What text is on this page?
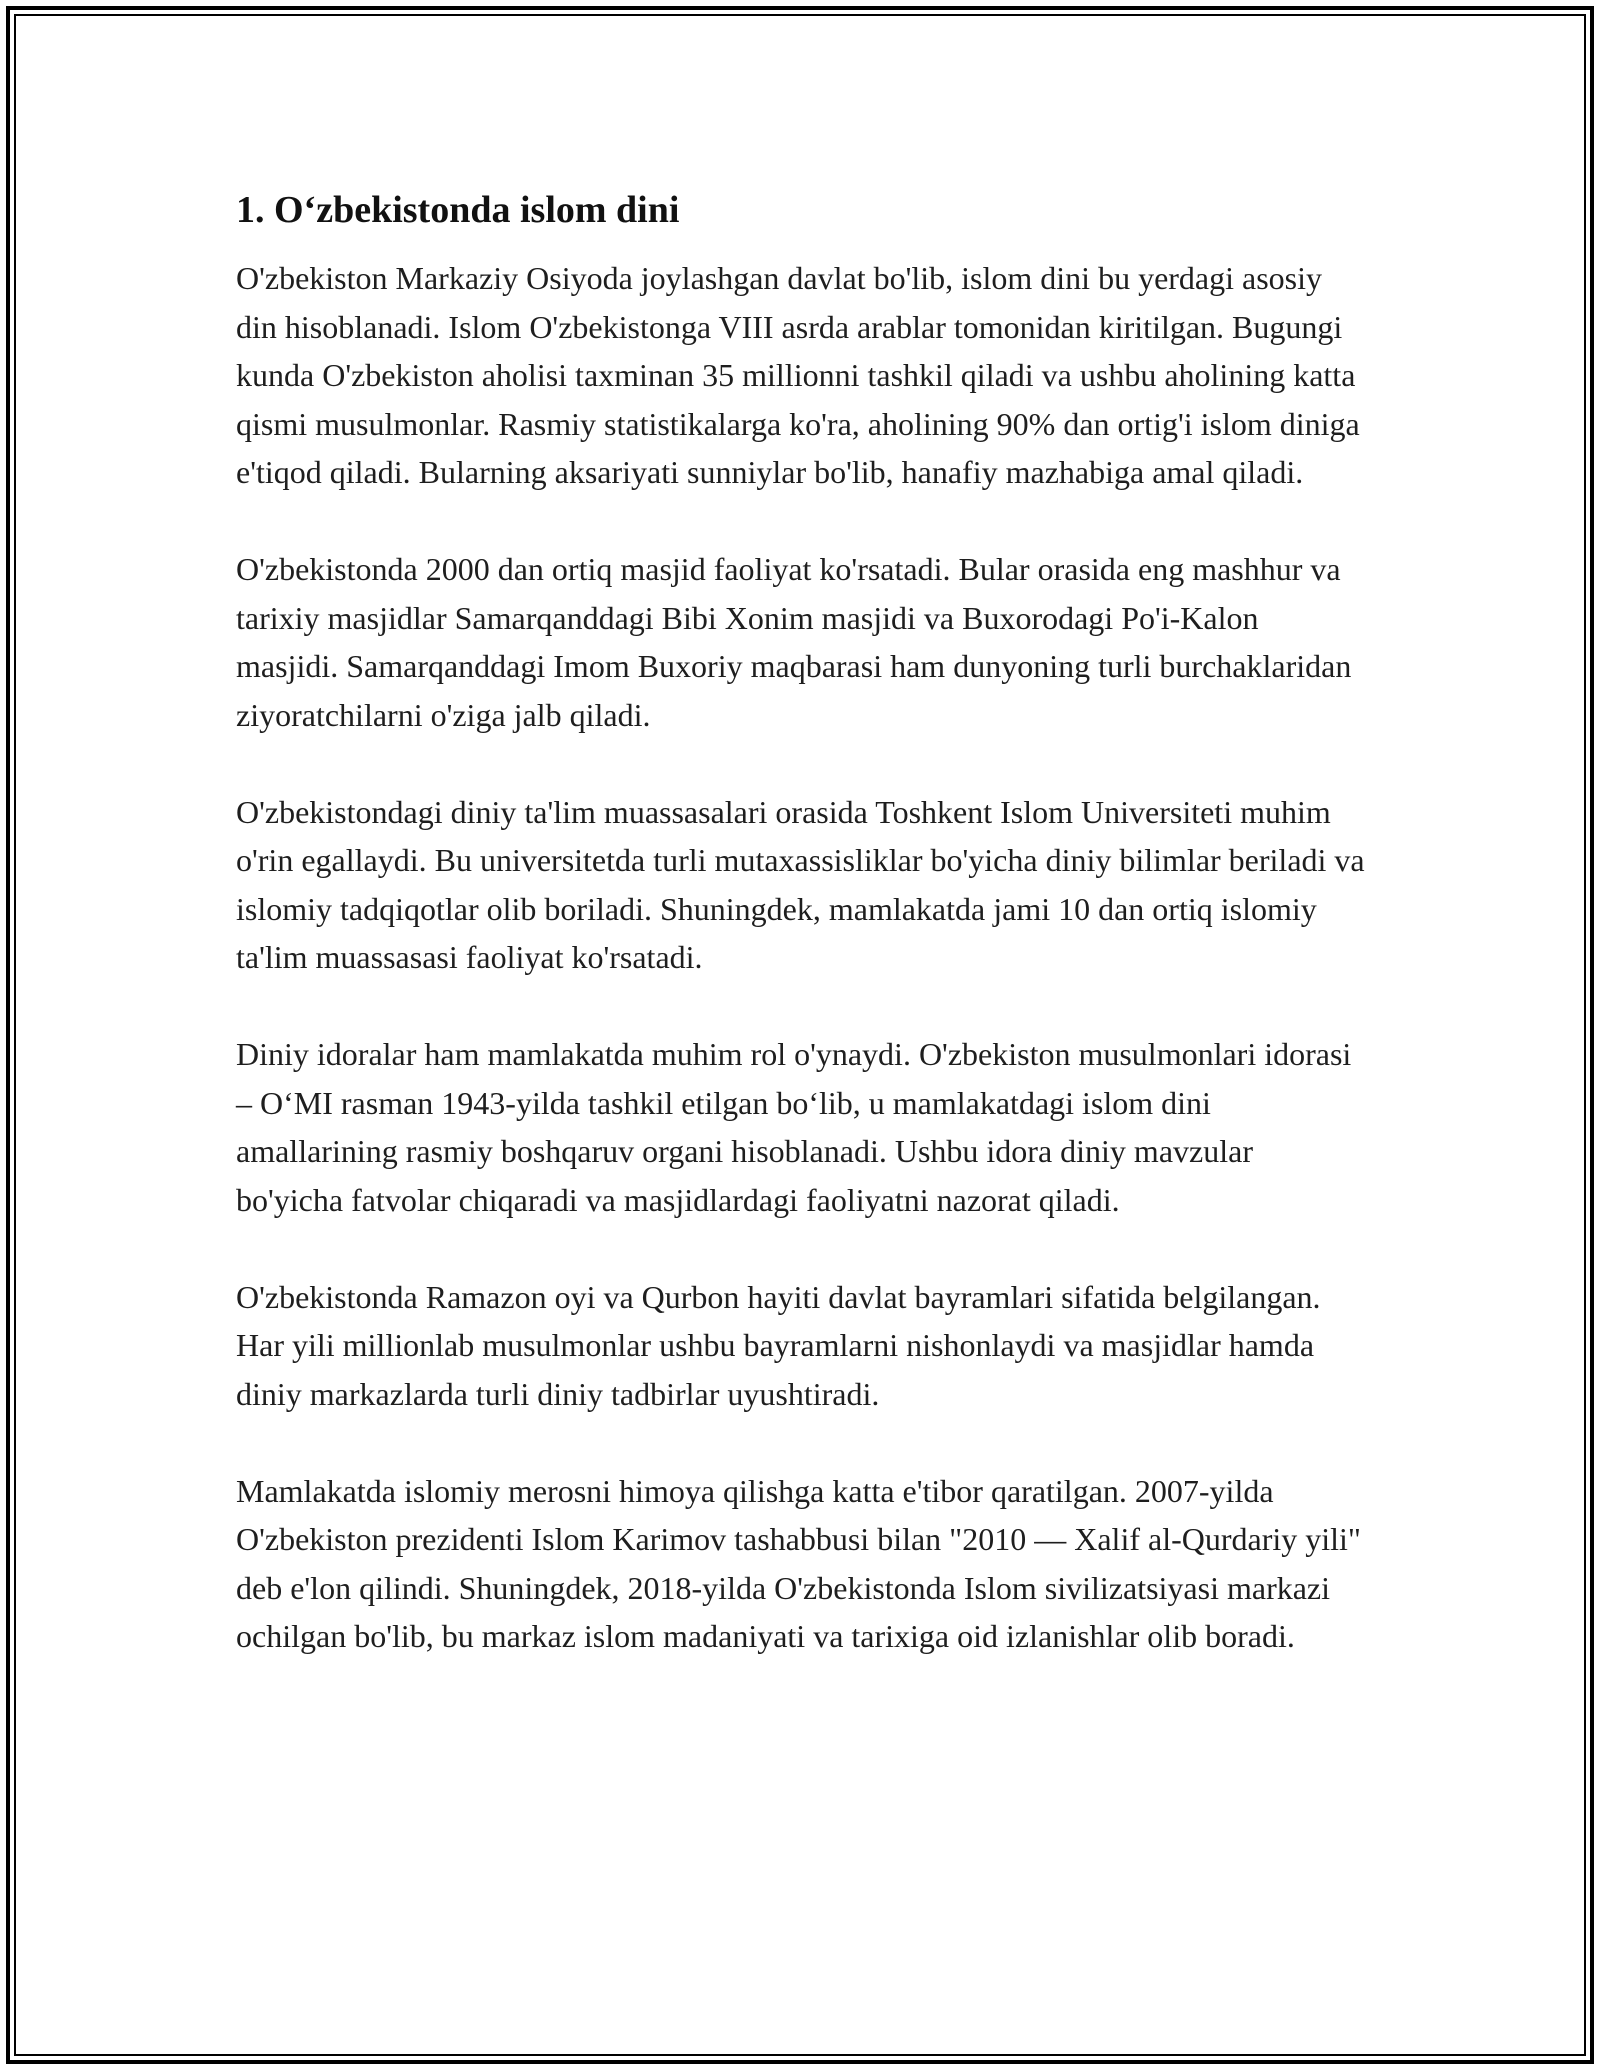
1. O‘zbekistonda islom dini

O'zbekiston Markaziy Osiyoda joylashgan davlat bo'lib, islom dini bu yerdagi asosiy din hisoblanadi. Islom O'zbekistonga VIII asrda arablar tomonidan kiritilgan. Bugungi kunda O'zbekiston aholisi taxminan 35 millionni tashkil qiladi va ushbu aholining katta qismi musulmonlar. Rasmiy statistikalarga ko'ra, aholining 90% dan ortig'i islom diniga e'tiqod qiladi. Bularning aksariyati sunniylar bo'lib, hanafiy mazhabiga amal qiladi.

O'zbekistonda 2000 dan ortiq masjid faoliyat ko'rsatadi. Bular orasida eng mashhur va tarixiy masjidlar Samarqanddagi Bibi Xonim masjidi va Buxorodagi Po'i-Kalon masjidi. Samarqanddagi Imom Buxoriy maqbarasi ham dunyoning turli burchaklaridan ziyoratchilarni o'ziga jalb qiladi.

O'zbekistondagi diniy ta'lim muassasalari orasida Toshkent Islom Universiteti muhim o'rin egallaydi. Bu universitetda turli mutaxassisliklar bo'yicha diniy bilimlar beriladi va islomiy tadqiqotlar olib boriladi. Shuningdek, mamlakatda jami 10 dan ortiq islomiy ta'lim muassasasi faoliyat ko'rsatadi.

Diniy idoralar ham mamlakatda muhim rol o'ynaydi. O'zbekiston musulmonlari idorasi – O‘MI rasman 1943-yilda tashkil etilgan bo‘lib, u mamlakatdagi islom dini amallarining rasmiy boshqaruv organi hisoblanadi. Ushbu idora diniy mavzular bo'yicha fatvolar chiqaradi va masjidlardagi faoliyatni nazorat qiladi.

O'zbekistonda Ramazon oyi va Qurbon hayiti davlat bayramlari sifatida belgilangan. Har yili millionlab musulmonlar ushbu bayramlarni nishonlaydi va masjidlar hamda diniy markazlarda turli diniy tadbirlar uyushtiradi.

Mamlakatda islomiy merosni himoya qilishga katta e'tibor qaratilgan. 2007-yilda O'zbekiston prezidenti Islom Karimov tashabbusi bilan "2010 — Xalif al-Qurdariy yili" deb e'lon qilindi. Shuningdek, 2018-yilda O'zbekistonda Islom sivilizatsiyasi markazi ochilgan bo'lib, bu markaz islom madaniyati va tarixiga oid izlanishlar olib boradi.
